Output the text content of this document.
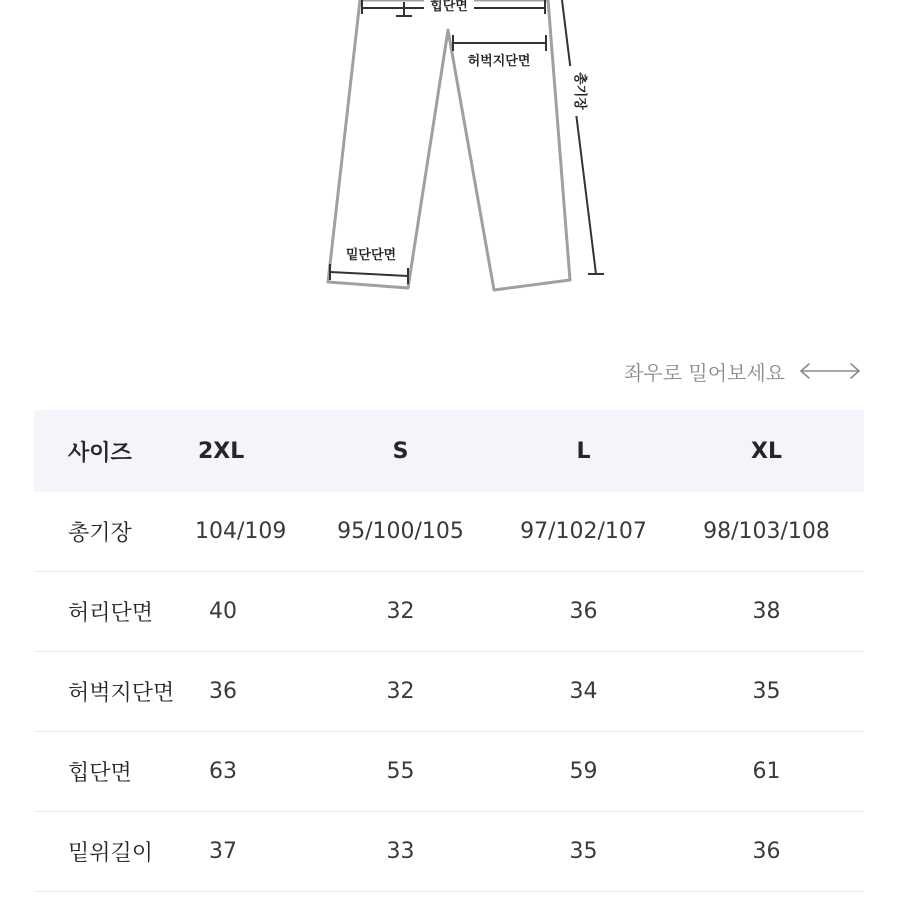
힙단면
허벅지단면
총기장
밑단단면
좌우로 밀어보세요
사이즈	2XL	S	L	XL
총기장	104/109	95/100/105	97/102/107	98/103/108
허리단면	40	32	36	38
허벅지단면	36	32	34	35
힙단면	63	55	59	61
밑위길이	37	33	35	36
